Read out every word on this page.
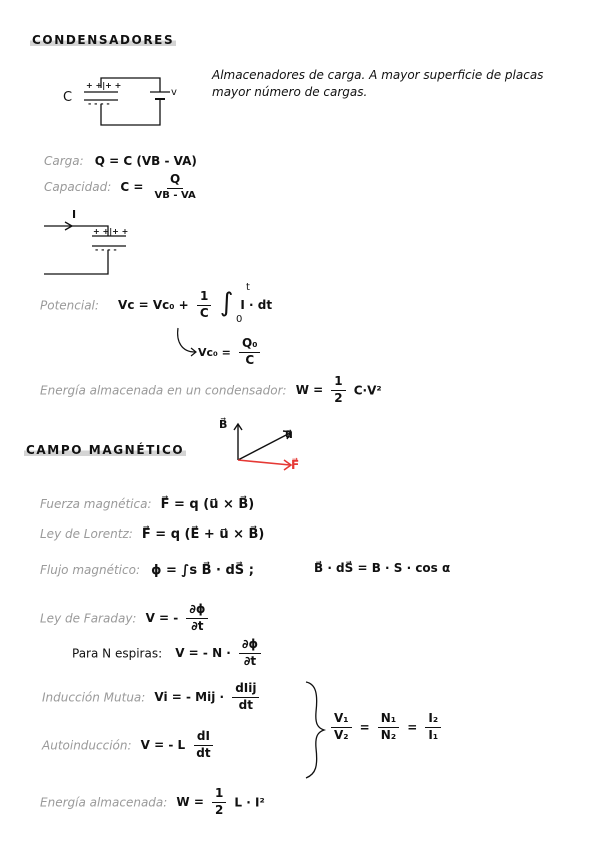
CONDENSADORES
C	v
+ +|+ +
- - - -
Almacenadores de carga. A mayor superficie de placas mayor número de cargas.
Carga: Q = C (VB - VA)
Capacidad: $C = \frac{Q}{VB - VA}$
I
+ +|+ +
- - - -
Potencial: $Vc = Vc_0 + \frac{1}{C}$ ∫ I · dt
t
0
$Vc_0 = \frac{\text{Q₀}}{C}$
Energía almacenada en un condensador: $W = \frac{1}{2} C\cdot V^2$
CAMPO MAGNÉTICO
B⃗
u⃗
F⃗
Fuerza magnética: F⃗ = q (u⃗ × B⃗)
Ley de Lorentz: F⃗ = q (E⃗ + u⃗ × B⃗)
Flujo magnético: ϕ = ∫s B⃗ · dS⃗ ;	B⃗ · dS⃗ = B · S · cos α
Ley de Faraday: V = - $\frac{\partial\phi}{\partial t}$
Para N espiras: V = - $N \cdot \frac{\partial\phi}{\partial t}$
Inducción Mutua: Vi = - Mij · $\frac{\text{dIij}}{dt}$
Autoinducción: V = - L $\frac{dI}{dt}$
$\frac{\text{V₁}}{\text{V₂}} = \frac{\text{N₁}}{\text{N₂}} = \frac{\text{I₂}}{\text{I₁}}$
Energía almacenada: $W = \frac{1}{2}$ L · I²
